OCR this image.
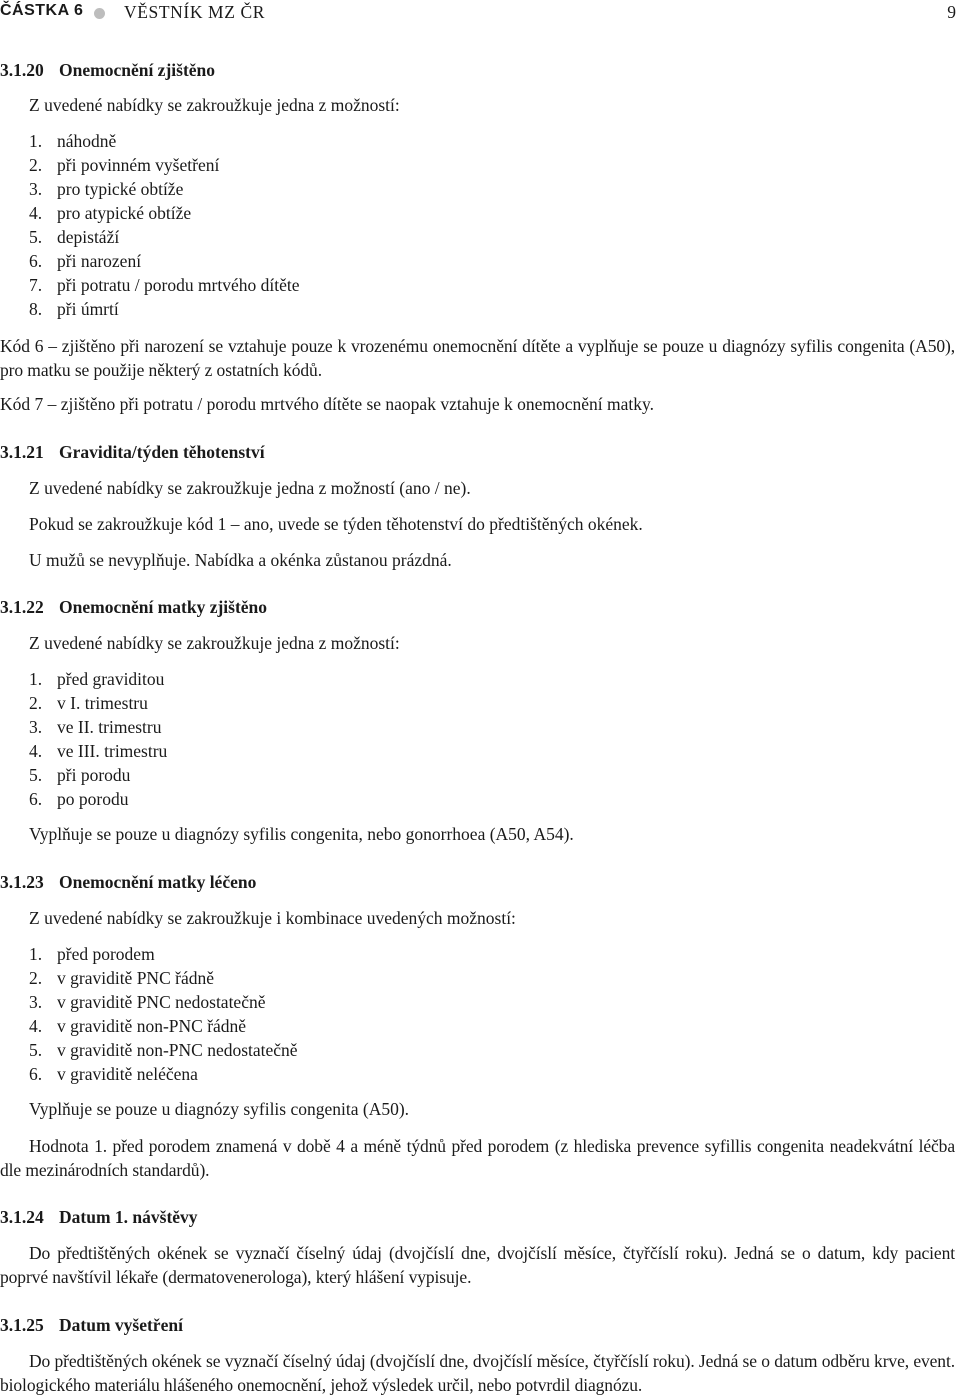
ČÁSTKA 6 VĚSTNÍK MZ ČR	9
3.1.20 Onemocnění zjištěno
Z uvedené nabídky se zakroužkuje jedna z možností:
1. náhodně
2. při povinném vyšetření
3. pro typické obtíže
4. pro atypické obtíže
5. depistáží
6. při narození
7. při potratu / porodu mrtvého dítěte
8. při úmrtí
Kód 6 – zjištěno při narození se vztahuje pouze k vrozenému onemocnění dítěte a vyplňuje se pouze u diagnózy syfilis congenita (A50), pro matku se použije některý z ostatních kódů.
Kód 7 – zjištěno při potratu / porodu mrtvého dítěte se naopak vztahuje k onemocnění matky.
3.1.21 Gravidita/týden těhotenství
Z uvedené nabídky se zakroužkuje jedna z možností (ano / ne).
Pokud se zakroužkuje kód 1 – ano, uvede se týden těhotenství do předtištěných okének.
U mužů se nevyplňuje. Nabídka a okénka zůstanou prázdná.
3.1.22 Onemocnění matky zjištěno
Z uvedené nabídky se zakroužkuje jedna z možností:
1. před graviditou
2. v I. trimestru
3. ve II. trimestru
4. ve III. trimestru
5. při porodu
6. po porodu
Vyplňuje se pouze u diagnózy syfilis congenita, nebo gonorrhoea (A50, A54).
3.1.23 Onemocnění matky léčeno
Z uvedené nabídky se zakroužkuje i kombinace uvedených možností:
1. před porodem
2. v graviditě PNC řádně
3. v graviditě PNC nedostatečně
4. v graviditě non-PNC řádně
5. v graviditě non-PNC nedostatečně
6. v graviditě neléčena
Vyplňuje se pouze u diagnózy syfilis congenita (A50).
Hodnota 1. před porodem znamená v době 4 a méně týdnů před porodem (z hlediska prevence syfillis congenita neadekvátní léčba dle mezinárodních standardů).
3.1.24 Datum 1. návštěvy
Do předtištěných okének se vyznačí číselný údaj (dvojčíslí dne, dvojčíslí měsíce, čtyřčíslí roku). Jedná se o datum, kdy pacient poprvé navštívil lékaře (dermatovenerologa), který hlášení vypisuje.
3.1.25 Datum vyšetření
Do předtištěných okének se vyznačí číselný údaj (dvojčíslí dne, dvojčíslí měsíce, čtyřčíslí roku). Jedná se o datum odběru krve, event. biologického materiálu hlášeného onemocnění, jehož výsledek určil, nebo potvrdil diagnózu.
